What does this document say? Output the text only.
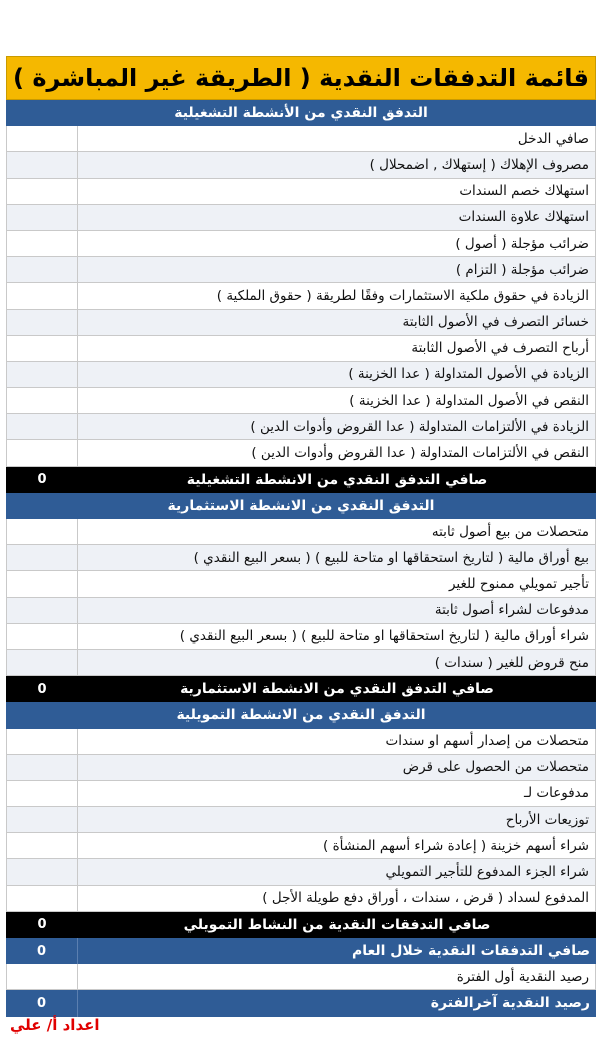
قائمة التدفقات النقدية ( الطريقة غير المباشرة )
التدفق النقدي من الأنشطة التشغيلية
صافي الدخل
مصروف الإهلاك ( إستهلاك , اضمحلال )
استهلاك خصم السندات
استهلاك علاوة السندات
ضرائب مؤجلة ( أصول )
ضرائب مؤجلة ( التزام )
الزيادة في حقوق ملكية الاستثمارات وفقًا لطريقة ( حقوق الملكية )
خسائر التصرف في الأصول الثابتة
أرباح التصرف في الأصول الثابتة
الزيادة في الأصول المتداولة ( عدا الخزينة )
النقص في الأصول المتداولة ( عدا الخزينة )
الزيادة في الألتزامات المتداولة ( عدا القروض وأدوات الدين )
النقص في الألتزامات المتداولة ( عدا القروض وأدوات الدين )
0	صافي التدفق النقدي من الانشطة التشغيلية
التدفق النقدي من الانشطة الاستثمارية
متحصلات من بيع أصول ثابته
بيع أوراق مالية ( لتاريخ استحقاقها او متاحة للبيع ) ( بسعر البيع النقدي )
تأجير تمويلي ممنوح للغير
مدفوعات لشراء أصول ثابتة
شراء أوراق مالية ( لتاريخ استحقاقها او متاحة للبيع ) ( بسعر البيع النقدي )
منح قروض للغير ( سندات )
0	صافي التدفق النقدي من الانشطة الاستثمارية
التدفق النقدي من الانشطة التمويلية
متحصلات من إصدار أسهم او سندات
متحصلات من الحصول على قرض
مدفوعات لـ
توزيعات الأرباح
شراء أسهم خزينة ( إعادة شراء أسهم المنشأة )
شراء الجزء المدفوع للتأجير التمويلي
المدفوع لسداد ( قرض ، سندات ، أوراق دفع طويلة الأجل )
0	صافي التدفقات النقدية من النشاط التمويلي
0	صافي التدفقات النقدية خلال العام
رصيد النقدية أول الفترة
0	رصيد النقدية آخرالفترة
اعداد أ/ علي
